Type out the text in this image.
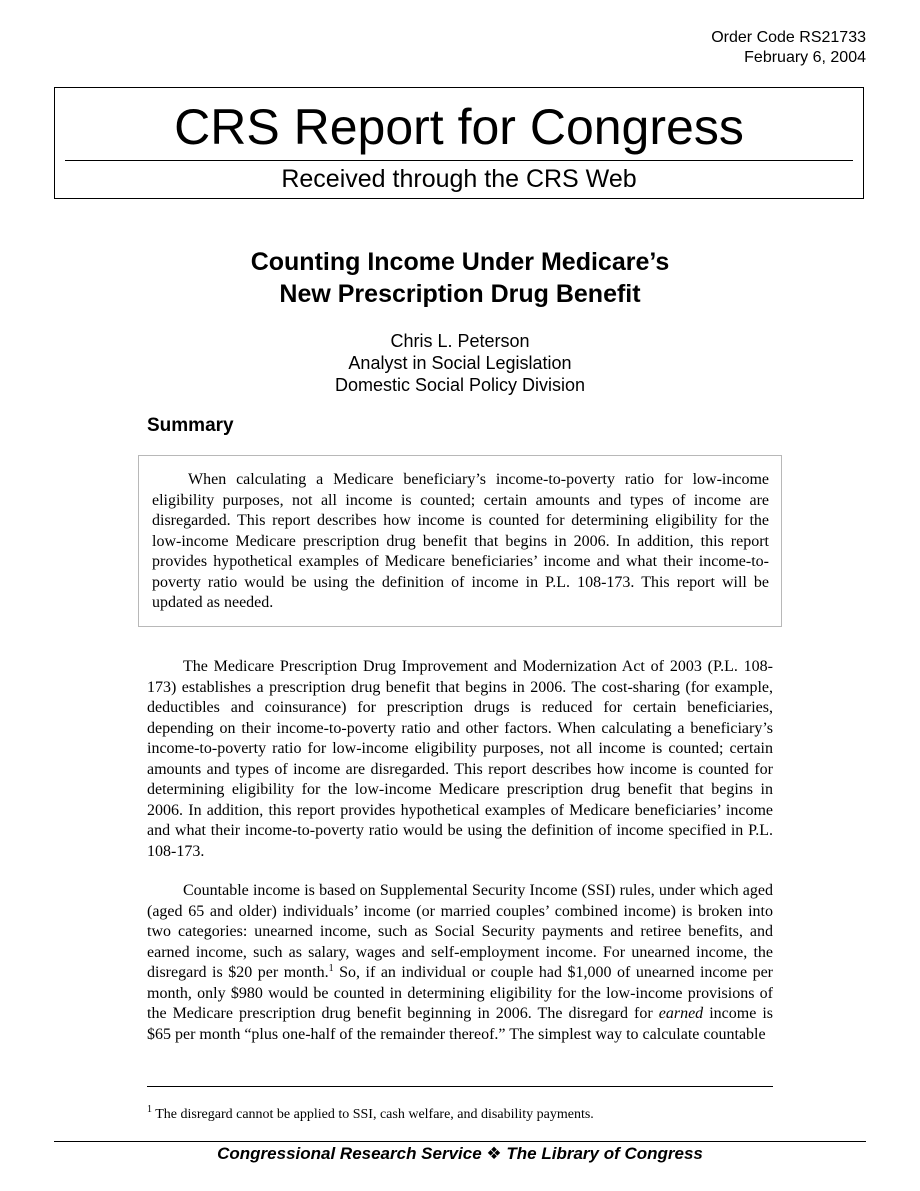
Order Code RS21733
February 6, 2004
CRS Report for Congress
Received through the CRS Web
Counting Income Under Medicare’s
New Prescription Drug Benefit
Chris L. Peterson
Analyst in Social Legislation
Domestic Social Policy Division
Summary

When calculating a Medicare beneficiary’s income-to-poverty ratio for low-income eligibility purposes, not all income is counted; certain amounts and types of income are disregarded. This report describes how income is counted for determining eligibility for the low-income Medicare prescription drug benefit that begins in 2006. In addition, this report provides hypothetical examples of Medicare beneficiaries’ income and what their income-to-poverty ratio would be using the definition of income in P.L. 108-173. This report will be updated as needed.

The Medicare Prescription Drug Improvement and Modernization Act of 2003 (P.L. 108-173) establishes a prescription drug benefit that begins in 2006. The cost-sharing (for example, deductibles and coinsurance) for prescription drugs is reduced for certain beneficiaries, depending on their income-to-poverty ratio and other factors. When calculating a beneficiary’s income-to-poverty ratio for low-income eligibility purposes, not all income is counted; certain amounts and types of income are disregarded. This report describes how income is counted for determining eligibility for the low-income Medicare prescription drug benefit that begins in 2006. In addition, this report provides hypothetical examples of Medicare beneficiaries’ income and what their income-to-poverty ratio would be using the definition of income specified in P.L. 108-173.

Countable income is based on Supplemental Security Income (SSI) rules, under which aged (aged 65 and older) individuals’ income (or married couples’ combined income) is broken into two categories: unearned income, such as Social Security payments and retiree benefits, and earned income, such as salary, wages and self-employment income. For unearned income, the disregard is $20 per month.$^1$ So, if an individual or couple had $1,000 of unearned income per month, only $980 would be counted in determining eligibility for the low-income provisions of the Medicare prescription drug benefit beginning in 2006. The disregard for earned income is $65 per month “plus one-half of the remainder thereof.” The simplest way to calculate countable

$^1$ The disregard cannot be applied to SSI, cash welfare, and disability payments.

Congressional Research Service ❖ The Library of Congress
